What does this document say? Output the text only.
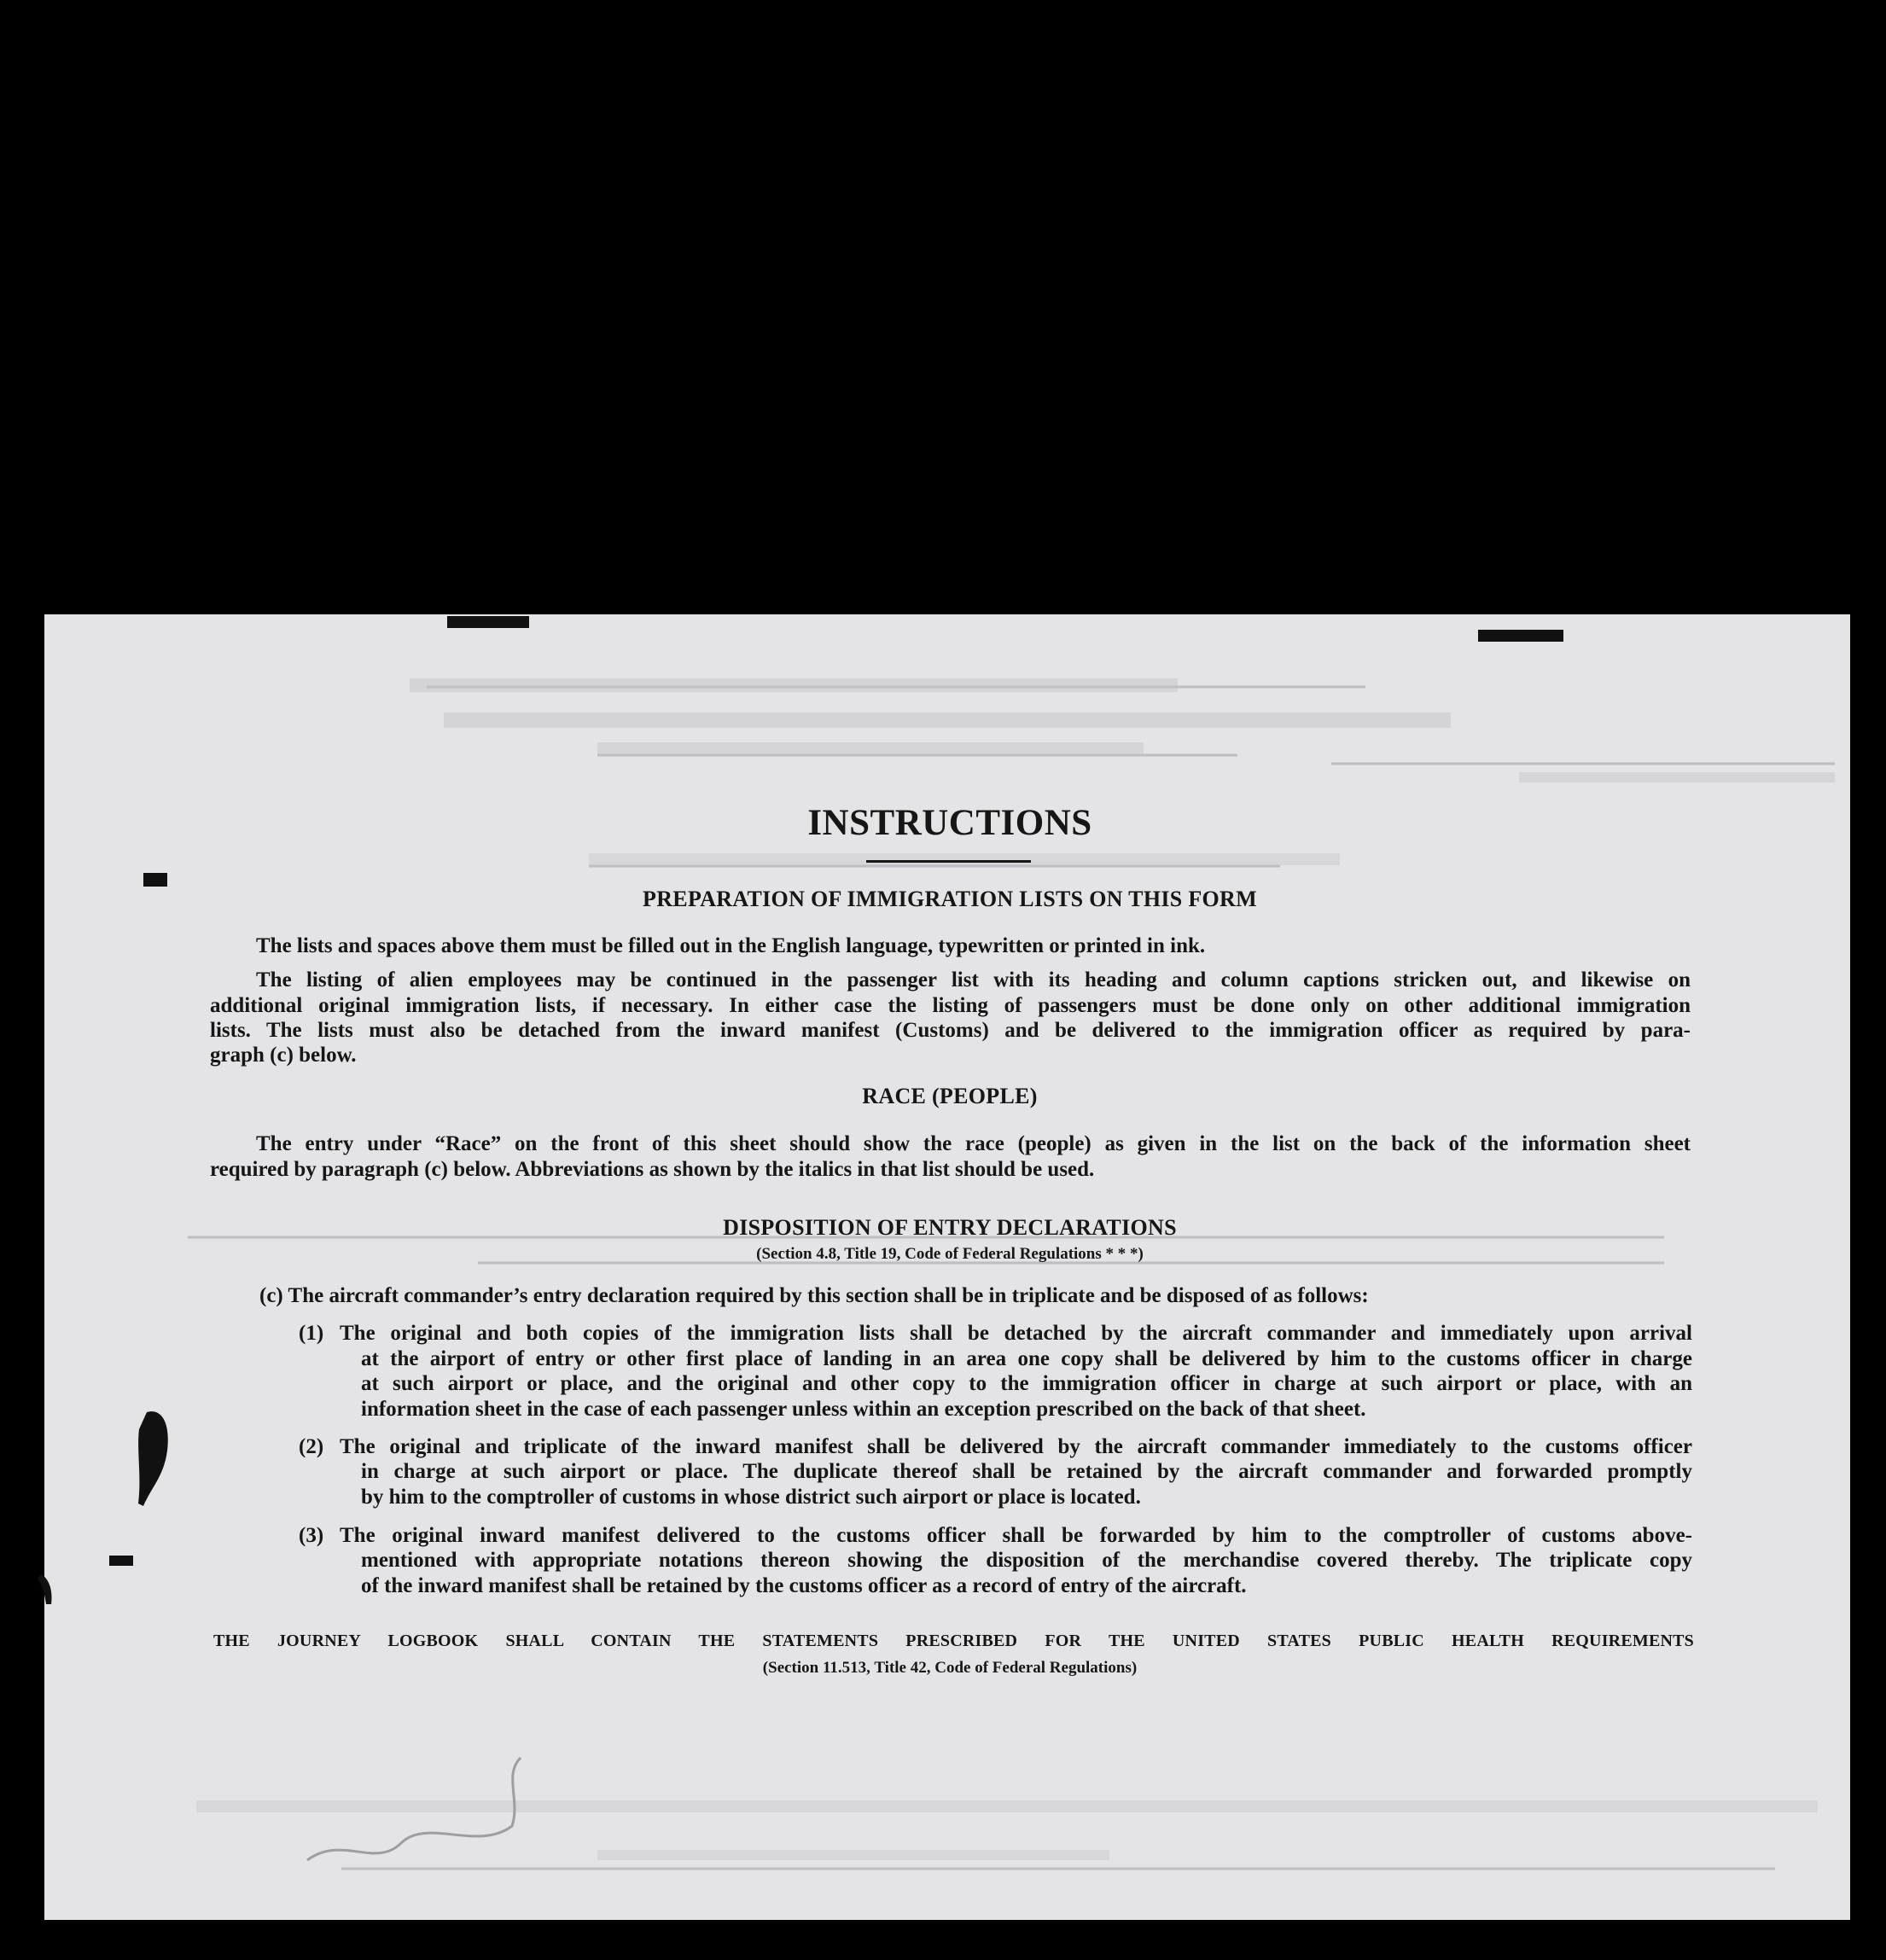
INSTRUCTIONS
PREPARATION OF IMMIGRATION LISTS ON THIS FORM
The lists and spaces above them must be filled out in the English language, typewritten or printed in ink.
The listing of alien employees may be continued in the passenger list with its heading and column captions stricken out, and likewise on
additional original immigration lists, if necessary. In either case the listing of passengers must be done only on other additional immigration
lists. The lists must also be detached from the inward manifest (Customs) and be delivered to the immigration officer as required by para-
graph (c) below.
RACE (PEOPLE)
The entry under “Race” on the front of this sheet should show the race (people) as given in the list on the back of the information sheet
required by paragraph (c) below. Abbreviations as shown by the italics in that list should be used.
DISPOSITION OF ENTRY DECLARATIONS
(Section 4.8, Title 19, Code of Federal Regulations * * *)
(c) The aircraft commander’s entry declaration required by this section shall be in triplicate and be disposed of as follows:
(1) The original and both copies of the immigration lists shall be detached by the aircraft commander and immediately upon arrival
at the airport of entry or other first place of landing in an area one copy shall be delivered by him to the customs officer in charge
at such airport or place, and the original and other copy to the immigration officer in charge at such airport or place, with an
information sheet in the case of each passenger unless within an exception prescribed on the back of that sheet.
(2) The original and triplicate of the inward manifest shall be delivered by the aircraft commander immediately to the customs officer
in charge at such airport or place. The duplicate thereof shall be retained by the aircraft commander and forwarded promptly
by him to the comptroller of customs in whose district such airport or place is located.
(3) The original inward manifest delivered to the customs officer shall be forwarded by him to the comptroller of customs above-
mentioned with appropriate notations thereon showing the disposition of the merchandise covered thereby. The triplicate copy
of the inward manifest shall be retained by the customs officer as a record of entry of the aircraft.
THE JOURNEY LOGBOOK SHALL CONTAIN THE STATEMENTS PRESCRIBED FOR THE UNITED STATES PUBLIC HEALTH REQUIREMENTS
(Section 11.513, Title 42, Code of Federal Regulations)
